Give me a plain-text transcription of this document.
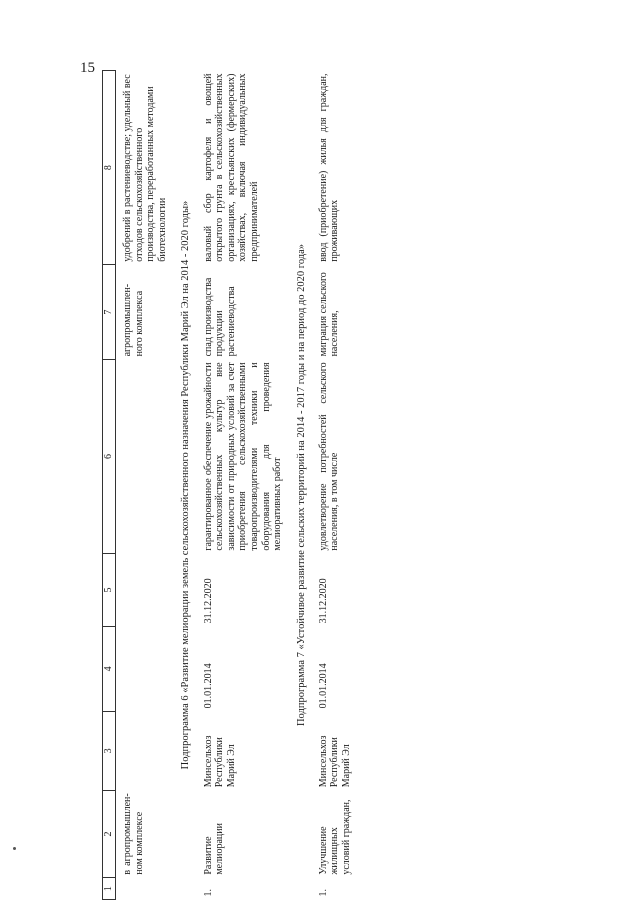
15
1	2	3	4	5	6	7	8
	в агропромышлен-ном комплексе					агропромышлен-ного комплекса	удобрений в растениеводстве; удельный вес отходов сельскохозяйственного производства, переработанных методами биотехнологии
Подпрограмма 6 «Развитие мелиорации земель сельскохозяйственного назначения Республики Марий Эл на 2014 - 2020 годы»							
1.	Развитие мелиорации	Минсельхоз Республики Марий Эл	01.01.2014	31.12.2020	гарантированное обеспечение урожайности сельскохозяйственных культур вне зависимости от природных условий за счет приобретения сельскохозяйственными товаропроизводителями техники и оборудования для проведения мелиоративных работ	спад производства продукции растениеводства	валовый сбор картофеля и овощей открытого грунта в сельскохозяйственных организациях, крестьянских (фермерских) хозяйствах, включая индивидуальных предпринимателей
Подпрограмма 7 «Устойчивое развитие сельских территорий на 2014 - 2017 годы и на период до 2020 года»							
1.	Улучшение жилищных условий граждан,	Минсельхоз Республики Марий Эл	01.01.2014	31.12.2020	удовлетворение потребностей сельского населения, в том числе	миграция сельского населения,	ввод (приобретение) жилья для граждан, проживающих
